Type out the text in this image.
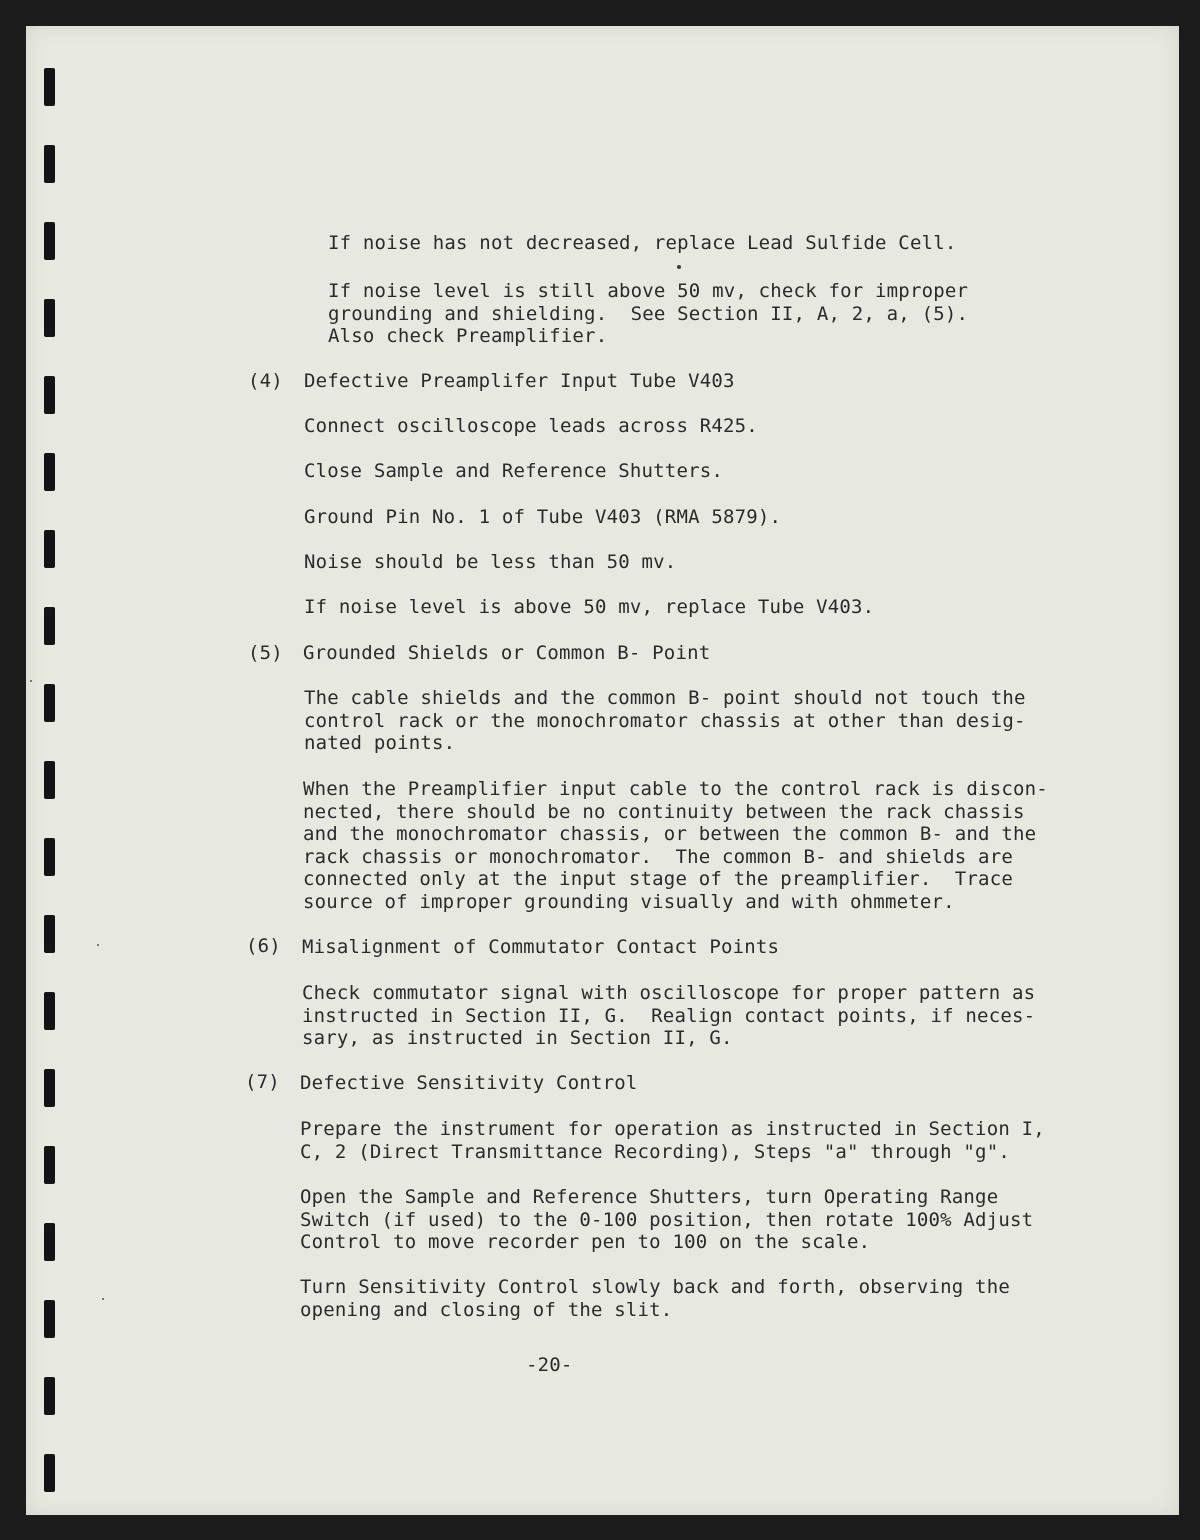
If noise has not decreased, replace Lead Sulfide Cell.

If noise level is still above 50 mv, check for improper
grounding and shielding.  See Section II, A, 2, a, (5).
Also check Preamplifier.

(4) Defective Preamplifer Input Tube V403

Connect oscilloscope leads across R425.

Close Sample and Reference Shutters.

Ground Pin No. 1 of Tube V403 (RMA 5879).

Noise should be less than 50 mv.

If noise level is above 50 mv, replace Tube V403.

(5) Grounded Shields or Common B- Point

The cable shields and the common B- point should not touch the
control rack or the monochromator chassis at other than desig-
nated points.

When the Preamplifier input cable to the control rack is discon-
nected, there should be no continuity between the rack chassis
and the monochromator chassis, or between the common B- and the
rack chassis or monochromator.  The common B- and shields are
connected only at the input stage of the preamplifier.  Trace
source of improper grounding visually and with ohmmeter.

(6) Misalignment of Commutator Contact Points

Check commutator signal with oscilloscope for proper pattern as
instructed in Section II, G.  Realign contact points, if neces-
sary, as instructed in Section II, G.

(7) Defective Sensitivity Control

Prepare the instrument for operation as instructed in Section I,
C, 2 (Direct Transmittance Recording), Steps "a" through "g".

Open the Sample and Reference Shutters, turn Operating Range
Switch (if used) to the 0-100 position, then rotate 100% Adjust
Control to move recorder pen to 100 on the scale.

Turn Sensitivity Control slowly back and forth, observing the
opening and closing of the slit.

-20-
